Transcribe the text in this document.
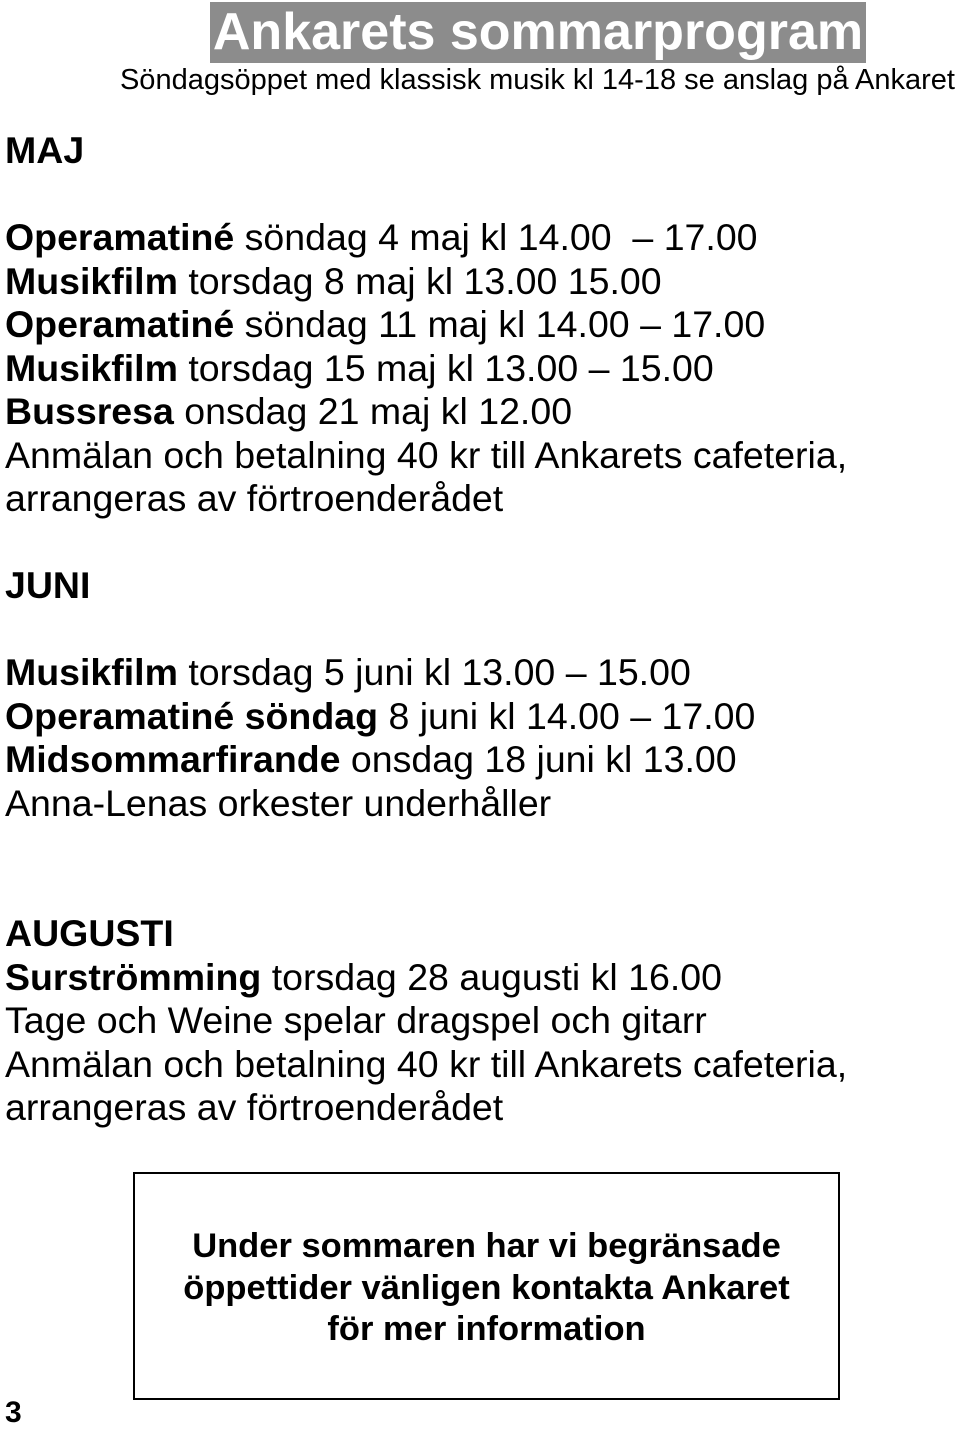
Ankarets sommarprogram
Söndagsöppet med klassisk musik kl 14-18 se anslag på Ankaret
MAJ
Operamatiné söndag 4 maj kl 14.00  – 17.00
Musikfilm torsdag 8 maj kl 13.00 15.00
Operamatiné söndag 11 maj kl 14.00 – 17.00
Musikfilm torsdag 15 maj kl 13.00 – 15.00
Bussresa onsdag 21 maj kl 12.00
Anmälan och betalning 40 kr till Ankarets cafeteria,
arrangeras av förtroenderådet
JUNI
Musikfilm torsdag 5 juni kl 13.00 – 15.00
Operamatiné söndag 8 juni kl 14.00 – 17.00
Midsommarfirande onsdag 18 juni kl 13.00
Anna-Lenas orkester underhåller
AUGUSTI
Surströmming torsdag 28 augusti kl 16.00
Tage och Weine spelar dragspel och gitarr
Anmälan och betalning 40 kr till Ankarets cafeteria,
arrangeras av förtroenderådet
Under sommaren har vi begränsade
öppettider vänligen kontakta Ankaret
för mer information
3
